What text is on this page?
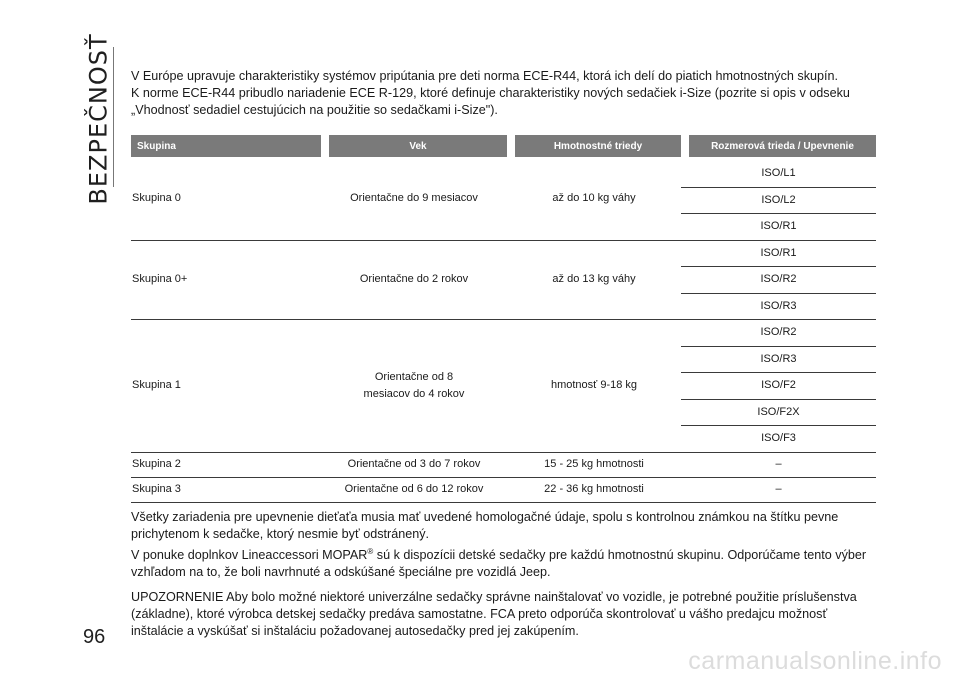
BEZPEČNOSŤ V Európe upravuje charakteristiky systémov pripútania pre deti norma ECE-R44, ktorá ich delí do piatich hmotnostných skupín.

K norme ECE-R44 pribudlo nariadenie ECE R-129, ktoré definuje charakteristiky nových sedačiek i-Size (pozrite si opis v odseku „Vhodnosť sedadiel cestujúcich na použitie so sedačkami i-Size").

Skupina	Vek	Hmotnostné triedy	Rozmerová trieda / Upevnenie
Skupina 0	Orientačne do 9 mesiacov	až do 10 kg váhy	ISO/L1
			ISO/L2
			ISO/R1
Skupina 0+	Orientačne do 2 rokov	až do 13 kg váhy	ISO/R1
			ISO/R2
			ISO/R3
Skupina 1	Orientačne od 8 mesiacov do 4 rokov	hmotnosť 9-18 kg	ISO/R2
			ISO/R3
			ISO/F2
			ISO/F2X
			ISO/F3
Skupina 2	Orientačne od 3 do 7 rokov	15 - 25 kg hmotnosti	–
Skupina 3	Orientačne od 6 do 12 rokov	22 - 36 kg hmotnosti	–

Všetky zariadenia pre upevnenie dieťaťa musia mať uvedené homologačné údaje, spolu s kontrolnou známkou na štítku pevne prichytenom k sedačke, ktorý nesmie byť odstránený.

V ponuke doplnkov Lineaccessori MOPAR® sú k dispozícii detské sedačky pre každú hmotnostnú skupinu. Odporúčame tento výber vzhľadom na to, že boli navrhnuté a odskúšané špeciálne pre vozidlá Jeep.

UPOZORNENIE Aby bolo možné niektoré univerzálne sedačky správne nainštalovať vo vozidle, je potrebné použitie príslušenstva (základne), ktoré výrobca detskej sedačky predáva samostatne. FCA preto odporúča skontrolovať u vášho predajcu možnosť inštalácie a vyskúšať si inštaláciu požadovanej autosedačky pred jej zakúpením.

96
carmanualsonline.info
